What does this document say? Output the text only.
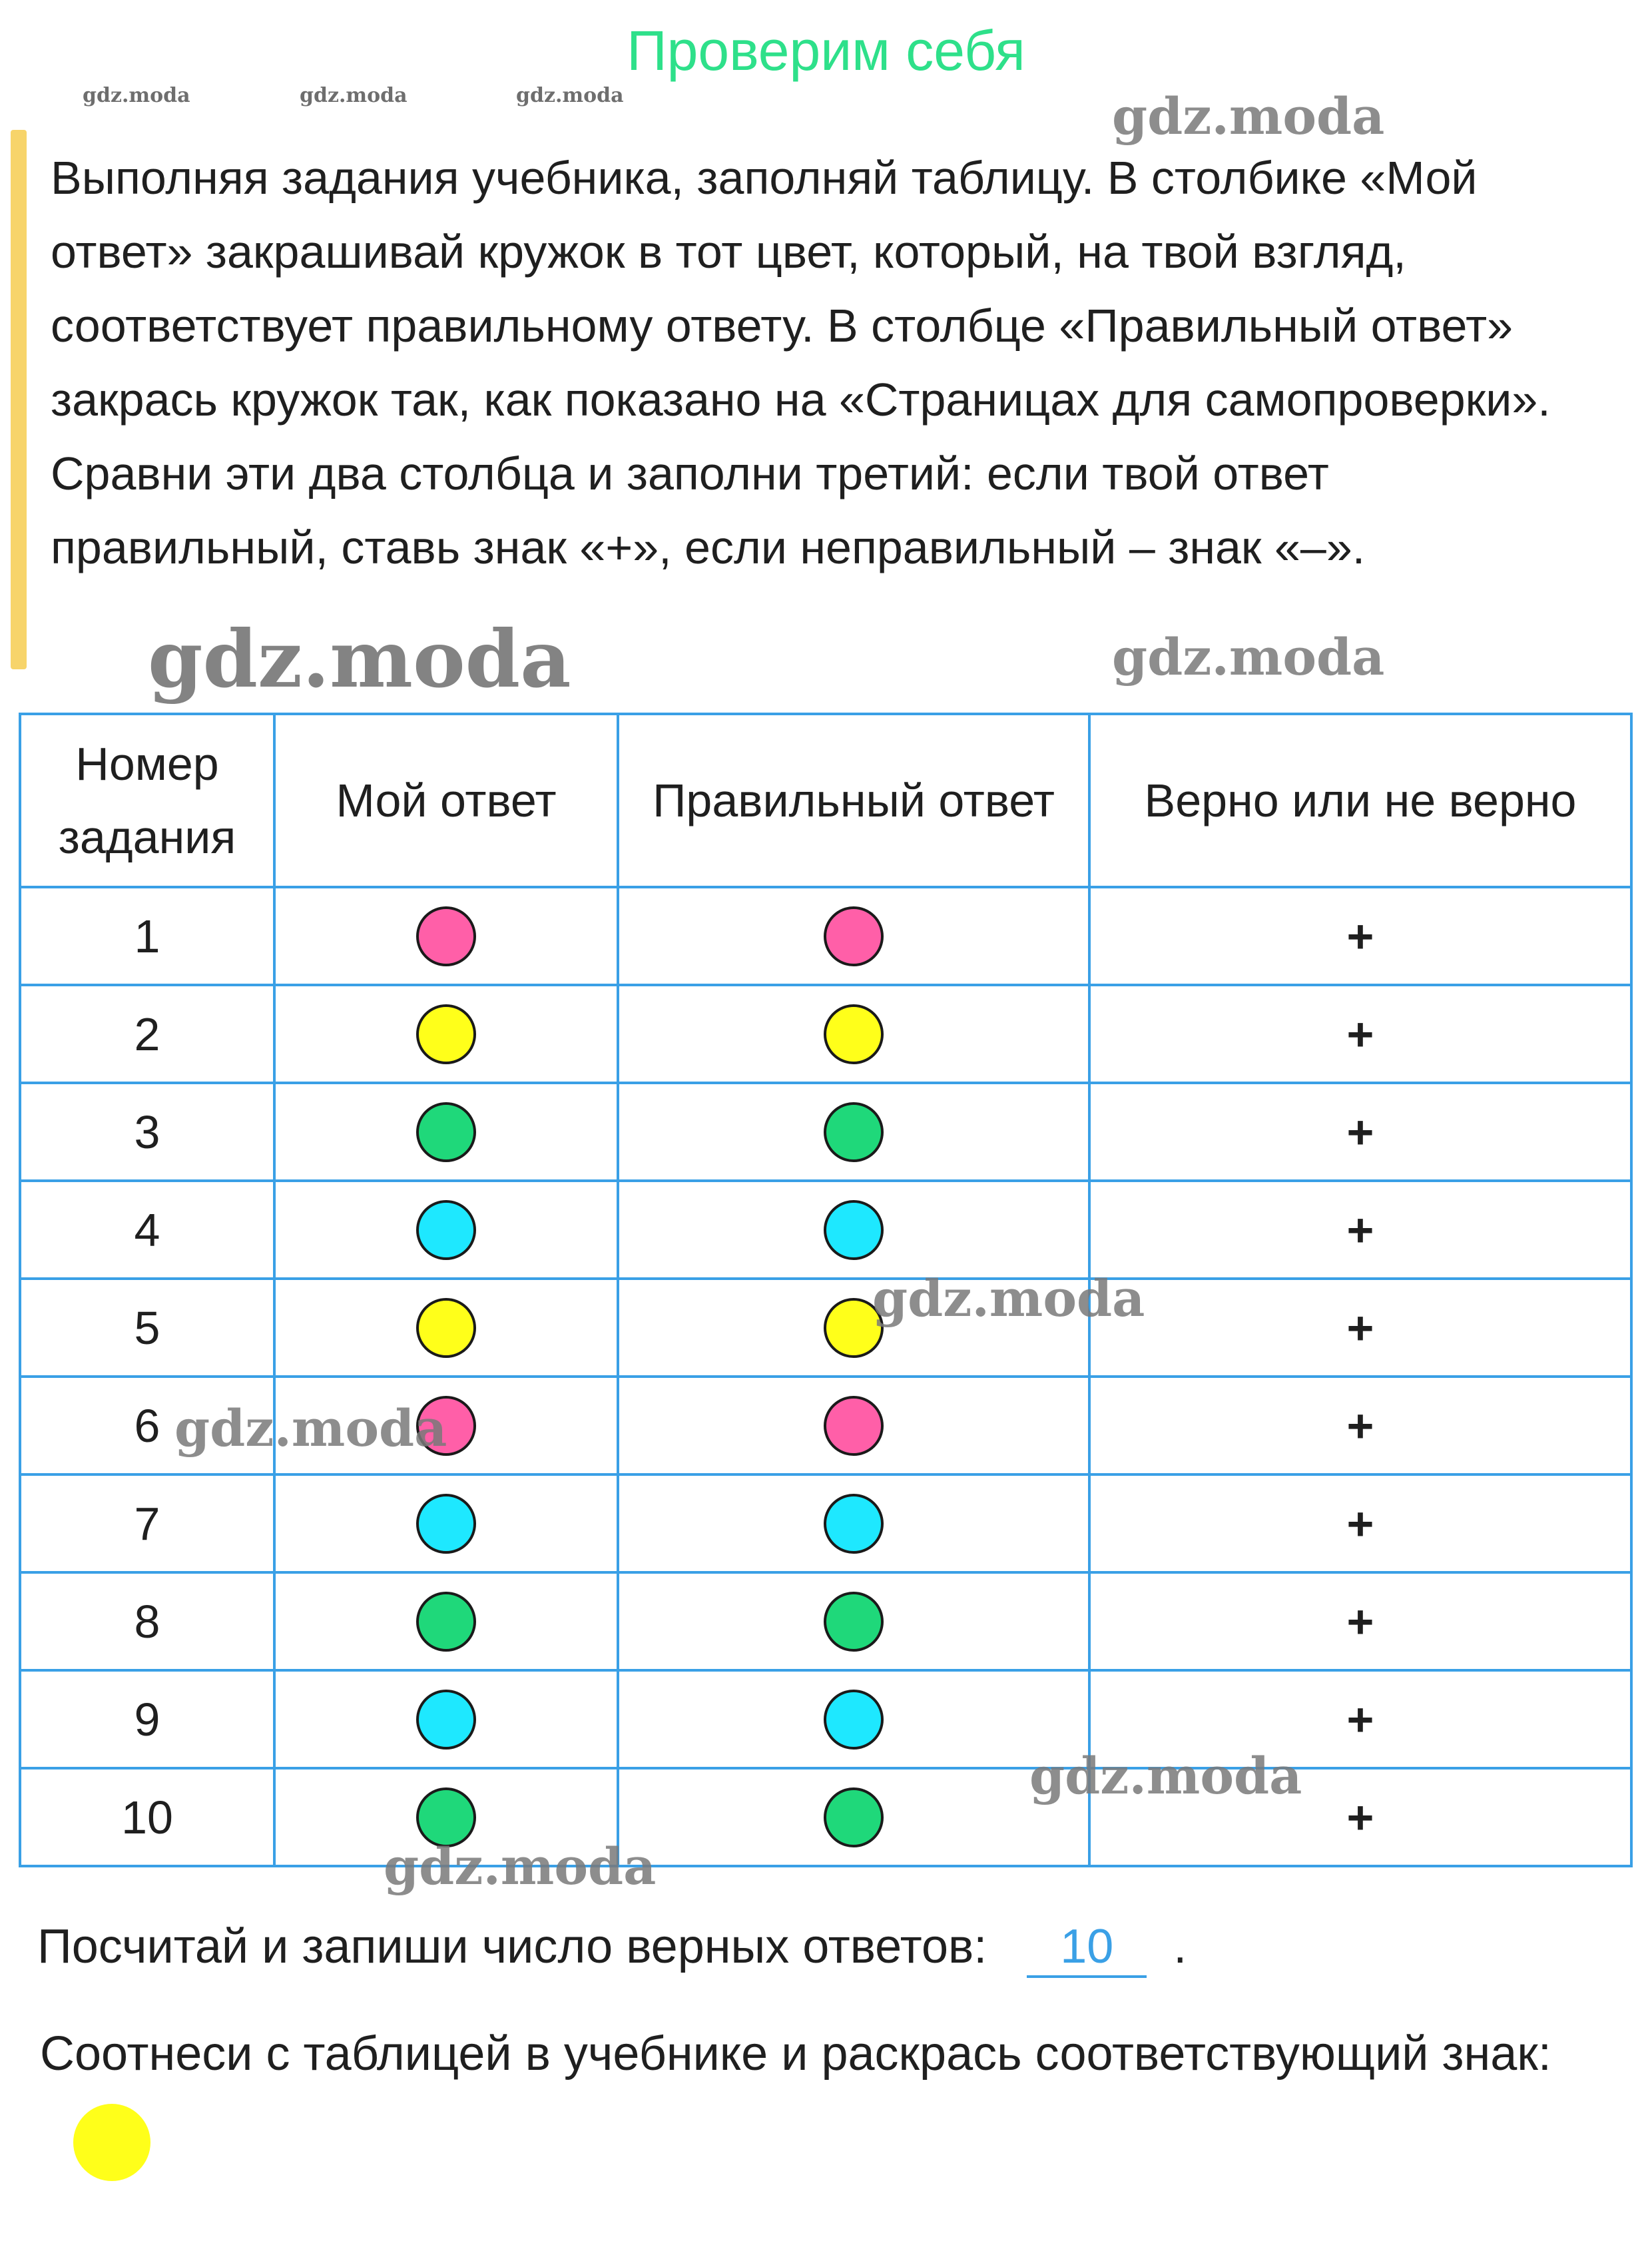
Проверим себя
gdz.moda	gdz.moda	gdz.moda	gdz.moda
Выполняя задания учебника, заполняй таблицу. В столбике «Мой ответ» закрашивай кружок в тот цвет, который, на твой взгляд, соответствует правильному ответу. В столбце «Правильный ответ» закрась кружок так, как показано на «Страницах для самопроверки». Сравни эти два столбца и заполни третий: если твой ответ правильный, ставь знак «+», если неправильный – знак «–».
gdz.moda	gdz.moda
Номер задания	Мой ответ	Правильный ответ	Верно или не верно
1			+
2			+
3			+
4			+
5			+
6			+
7			+
8			+
9			+
10			+
gdz.moda
gdz.moda
gdz.moda
gdz.moda
Посчитай и запиши число верных ответов: 10 .
Соотнеси с таблицей в учебнике и раскрась соответствующий знак:
